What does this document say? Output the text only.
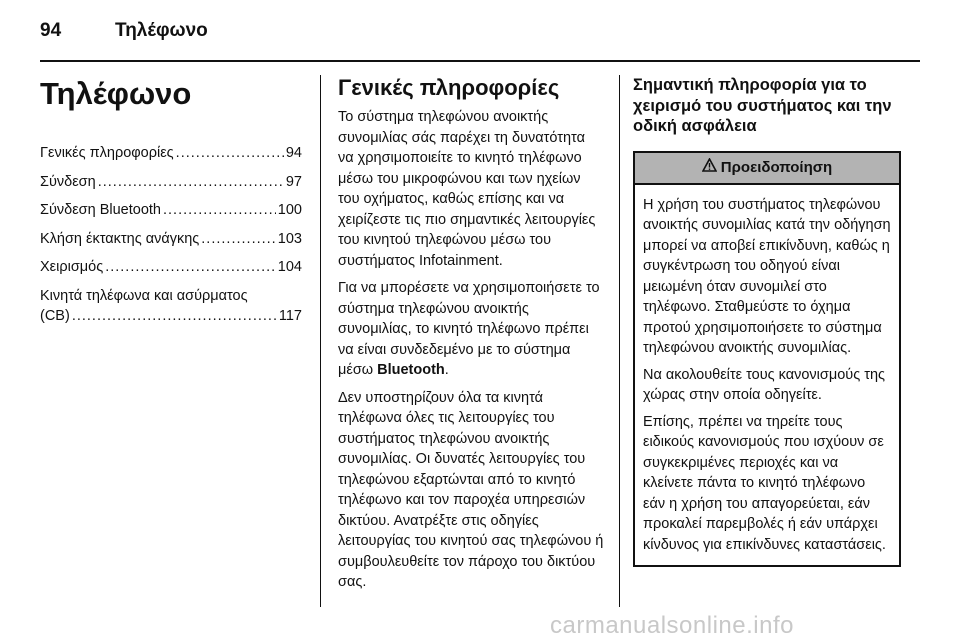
94	Τηλέφωνο
Τηλέφωνο
Γενικές πληροφορίες .....	94
Σύνδεση .....	97
Σύνδεση Bluetooth .....	100
Κλήση έκτακτης ανάγκης .....	103
Χειρισμός .....	104
Κινητά τηλέφωνα και ασύρματος
(CB) .....	117
Γενικές πληροφορίες

Το σύστημα τηλεφώνου ανοικτής συνομιλίας σάς παρέχει τη δυνατότητα να χρησιμοποιείτε το κινητό τηλέφωνο μέσω του μικροφώνου και των ηχείων του οχήματος, καθώς επίσης και να χειρίζεστε τις πιο σημαντικές λειτουργίες του κινητού τηλεφώνου μέσω του συστήματος Infotainment.

Για να μπορέσετε να χρησιμοποιήσετε το σύστημα τηλεφώνου ανοικτής συνομιλίας, το κινητό τηλέφωνο πρέπει να είναι συνδεδεμένο με το σύστημα μέσω Bluetooth.

Δεν υποστηρίζουν όλα τα κινητά τηλέφωνα όλες τις λειτουργίες του συστήματος τηλεφώνου ανοικτής συνομιλίας. Οι δυνατές λειτουργίες του τηλεφώνου εξαρτώνται από το κινητό τηλέφωνο και τον παροχέα υπηρεσιών δικτύου. Ανατρέξτε στις οδηγίες λειτουργίας του κινητού σας τηλεφώνου ή συμβουλευθείτε τον πάροχο του δικτύου σας.

Σημαντική πληροφορία για το χειρισμό του συστήματος και την οδική ασφάλεια
Προειδοποίηση

Η χρήση του συστήματος τηλεφώνου ανοικτής συνομιλίας κατά την οδήγηση μπορεί να αποβεί επικίνδυνη, καθώς η συγκέντρωση του οδηγού είναι μειωμένη όταν συνομιλεί στο τηλέφωνο. Σταθμεύστε το όχημα προτού χρησιμοποιήσετε το σύστημα τηλεφώνου ανοικτής συνομιλίας.

Να ακολουθείτε τους κανονισμούς της χώρας στην οποία οδηγείτε.

Επίσης, πρέπει να τηρείτε τους ειδικούς κανονισμούς που ισχύουν σε συγκεκριμένες περιοχές και να κλείνετε πάντα το κινητό τηλέφωνο εάν η χρήση του απαγορεύεται, εάν προκαλεί παρεμβολές ή εάν υπάρχει κίνδυνος για επικίνδυνες καταστάσεις.

carmanualsonline.info
